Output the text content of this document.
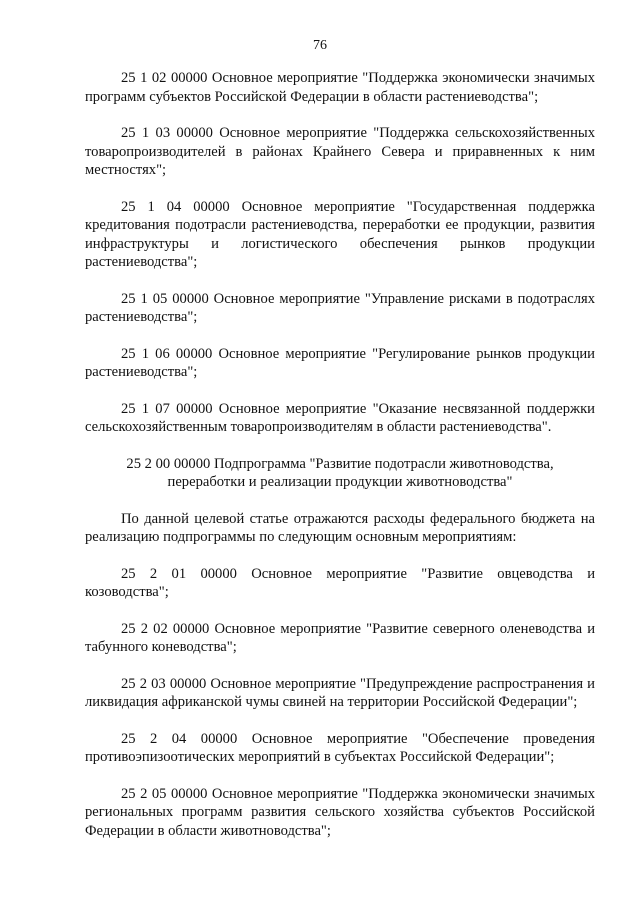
76

25 1 02 00000 Основное мероприятие "Поддержка экономически значимых программ субъектов Российской Федерации в области растениеводства";

25 1 03 00000 Основное мероприятие "Поддержка сельскохозяйственных товаропроизводителей в районах Крайнего Севера и приравненных к ним местностях";

25 1 04 00000 Основное мероприятие "Государственная поддержка кредитования подотрасли растениеводства, переработки ее продукции, развития инфраструктуры и логистического обеспечения рынков продукции растениеводства";

25 1 05 00000 Основное мероприятие "Управление рисками в подотраслях растениеводства";

25 1 06 00000 Основное мероприятие "Регулирование рынков продукции растениеводства";

25 1 07 00000 Основное мероприятие "Оказание несвязанной поддержки сельскохозяйственным товаропроизводителям в области растениеводства".

25 2 00 00000 Подпрограмма "Развитие подотрасли животноводства,
переработки и реализации продукции животноводства"

По данной целевой статье отражаются расходы федерального бюджета на реализацию подпрограммы по следующим основным мероприятиям:

25 2 01 00000 Основное мероприятие "Развитие овцеводства и козоводства";

25 2 02 00000 Основное мероприятие "Развитие северного оленеводства и табунного коневодства";

25 2 03 00000 Основное мероприятие "Предупреждение распространения и ликвидация африканской чумы свиней на территории Российской Федерации";

25 2 04 00000 Основное мероприятие "Обеспечение проведения противоэпизоотических мероприятий в субъектах Российской Федерации";

25 2 05 00000 Основное мероприятие "Поддержка экономически значимых региональных программ развития сельского хозяйства субъектов Российской Федерации в области животноводства";
